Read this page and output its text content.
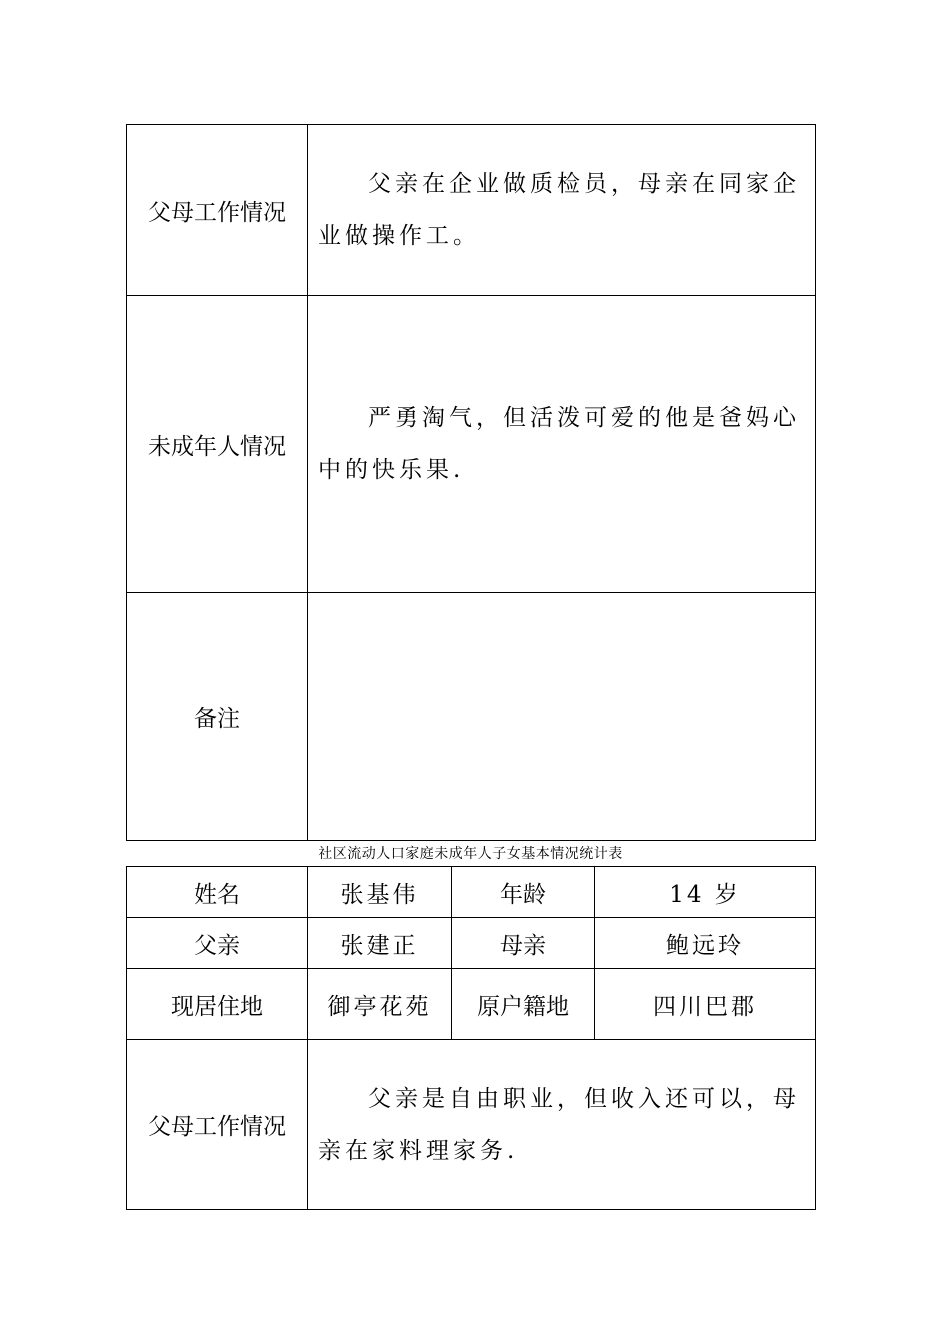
父母工作情况	父亲在企业做质检员，母亲在同家企业做操作工。

未成年人情况	严勇淘气，但活泼可爱的他是爸妈心中的快乐果.

备注	

社区流动人口家庭未成年人子女基本情况统计表
姓名	张基伟	年龄	14 岁
父亲	张建正	母亲	鲍远玲
现居住地	御亭花苑	原户籍地	四川巴郡
父母工作情况	父亲是自由职业，但收入还可以，母亲在家料理家务.		
